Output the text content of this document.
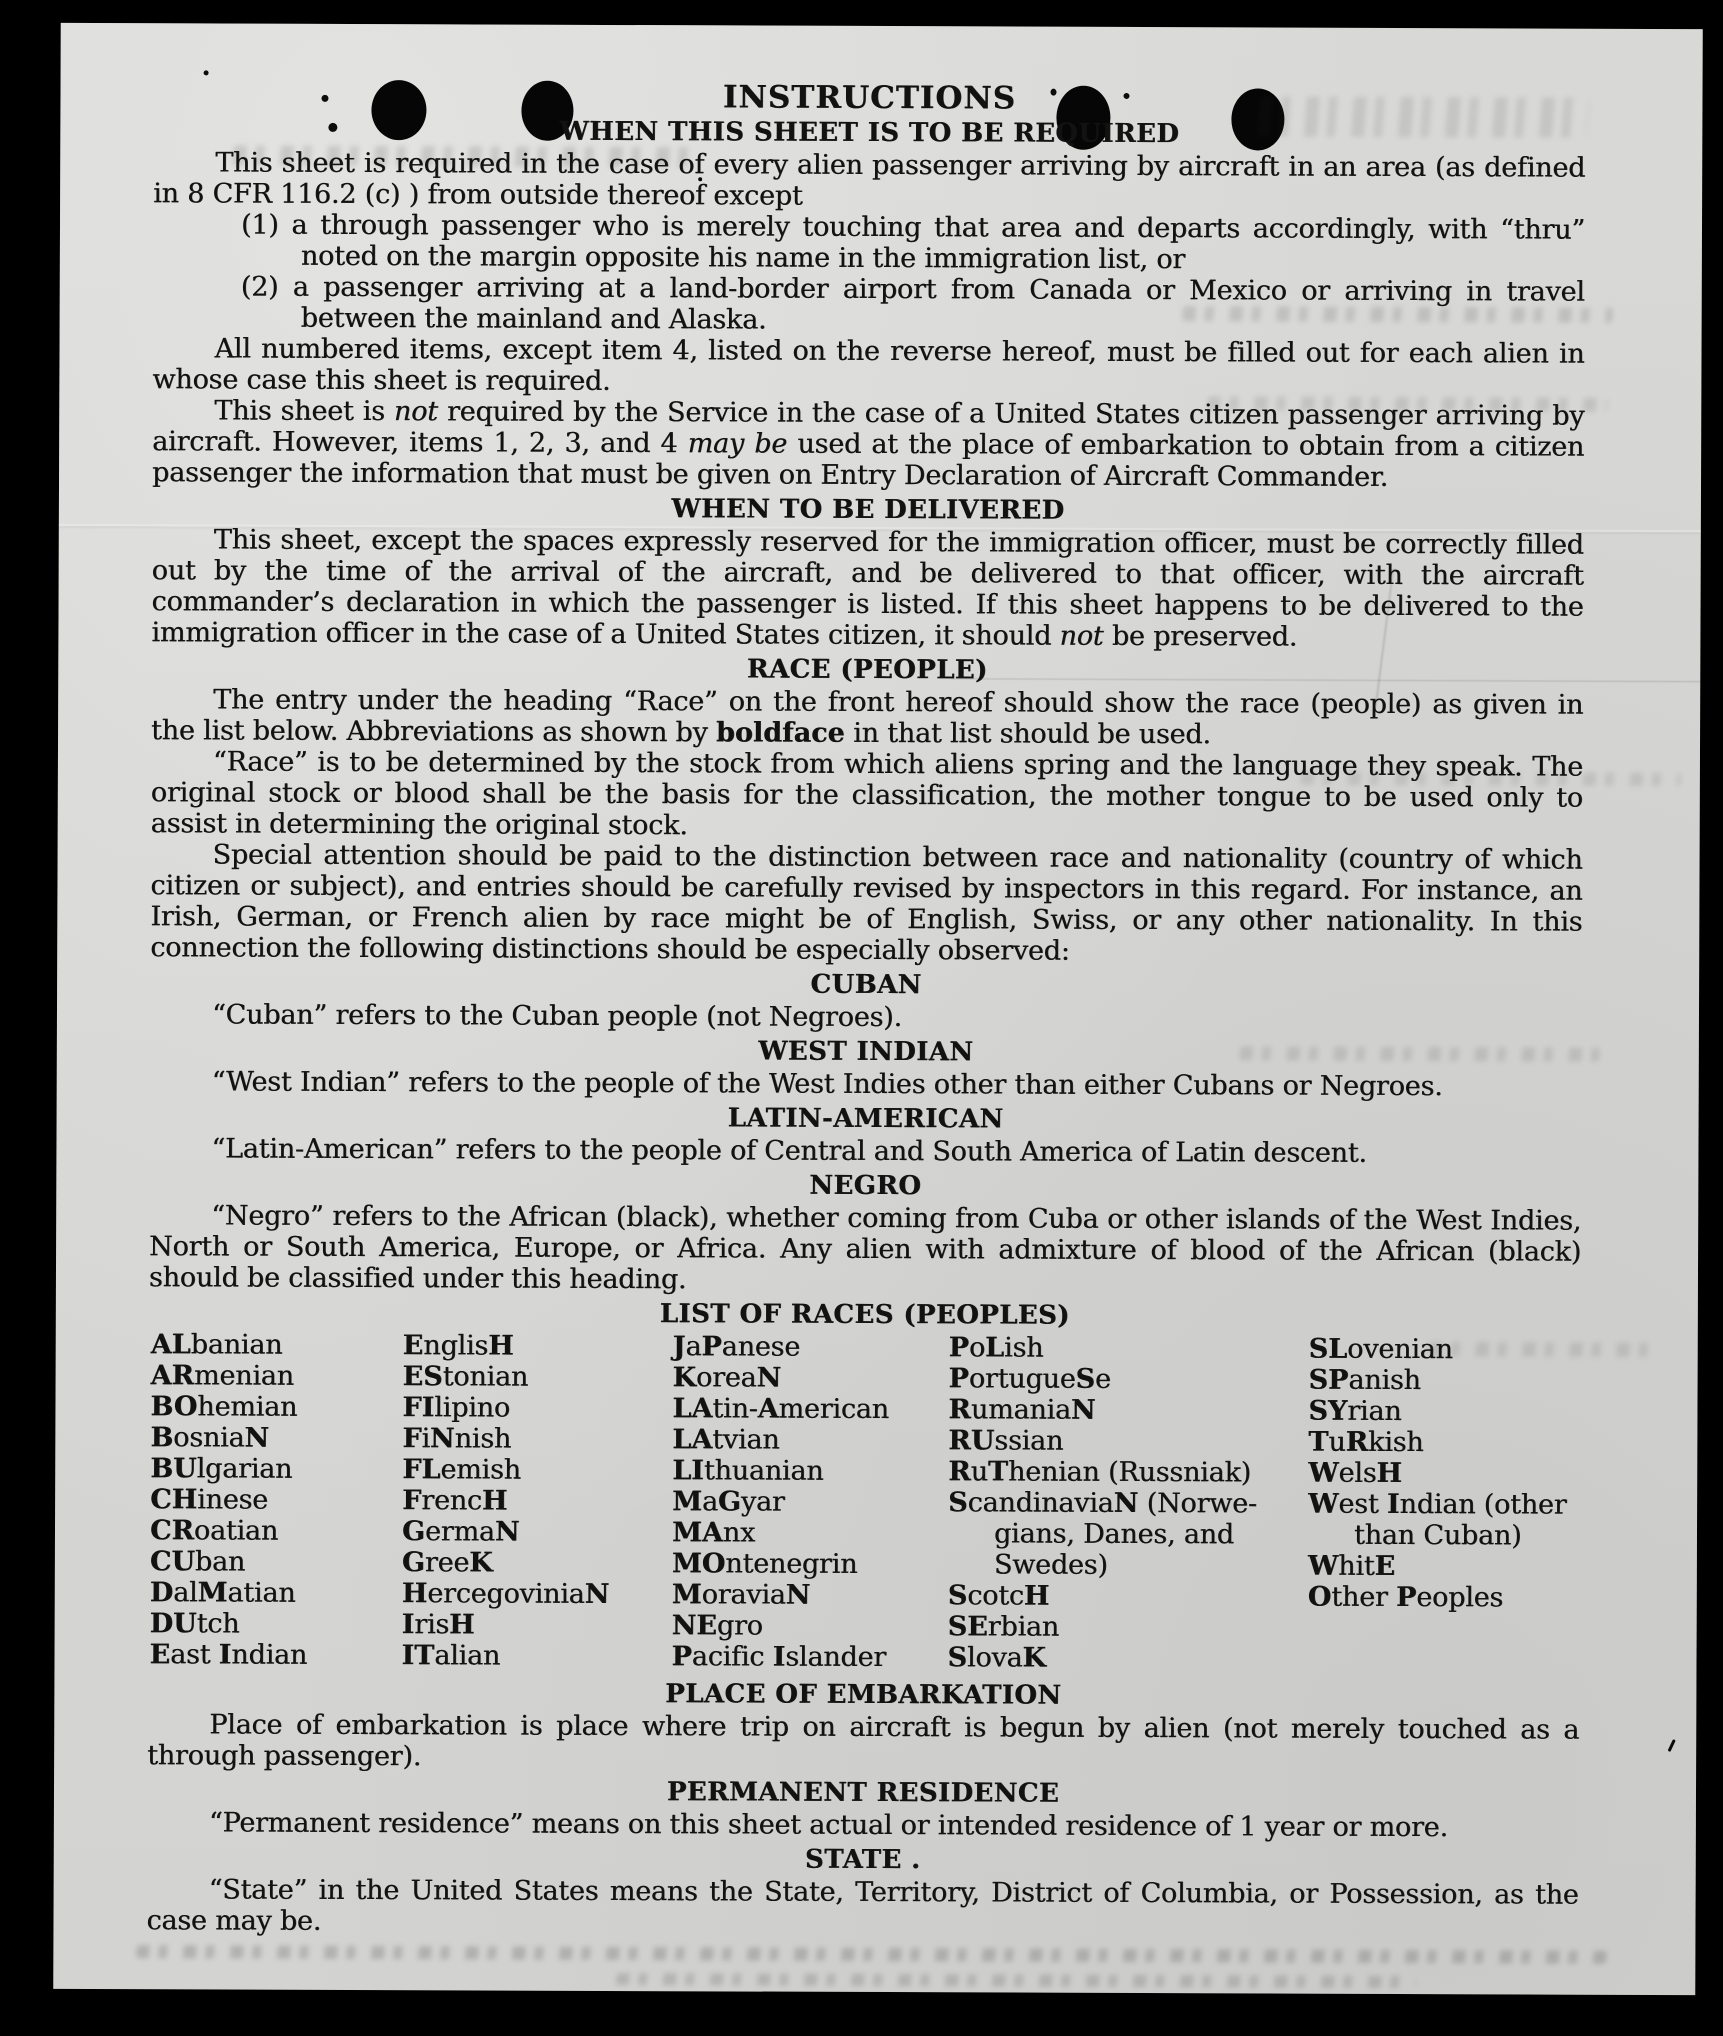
INSTRUCTIONS
WHEN THIS SHEET IS TO BE REQUIRED

This sheet is required in the case of every alien passenger arriving by aircraft in an area (as defined in 8 CFR 116.2 (c) ) from outside thereof except

(1) a through passenger who is merely touching that area and departs accordingly, with “thru” noted on the margin opposite his name in the immigration list, or

(2) a passenger arriving at a land-border airport from Canada or Mexico or arriving in travel between the mainland and Alaska.

All numbered items, except item 4, listed on the reverse hereof, must be filled out for each alien in whose case this sheet is required.

This sheet is not required by the Service in the case of a United States citizen passenger arriving by aircraft. However, items 1, 2, 3, and 4 may be used at the place of embarkation to obtain from a citizen passenger the information that must be given on Entry Declaration of Aircraft Commander.

WHEN TO BE DELIVERED

This sheet, except the spaces expressly reserved for the immigration officer, must be correctly filled out by the time of the arrival of the aircraft, and be delivered to that officer, with the aircraft commander’s declaration in which the passenger is listed. If this sheet happens to be delivered to the immigration officer in the case of a United States citizen, it should not be preserved.

RACE (PEOPLE)

The entry under the heading “Race” on the front hereof should show the race (people) as given in the list below. Abbreviations as shown by boldface in that list should be used.

“Race” is to be determined by the stock from which aliens spring and the language they speak. The original stock or blood shall be the basis for the classification, the mother tongue to be used only to assist in determining the original stock.

Special attention should be paid to the distinction between race and nationality (country of which citizen or subject), and entries should be carefully revised by inspectors in this regard. For instance, an Irish, German, or French alien by race might be of English, Swiss, or any other nationality. In this connection the following distinctions should be especially observed:

CUBAN

“Cuban” refers to the Cuban people (not Negroes).

WEST INDIAN

“West Indian” refers to the people of the West Indies other than either Cubans or Negroes.

LATIN-AMERICAN

“Latin-American” refers to the people of Central and South America of Latin descent.

NEGRO

“Negro” refers to the African (black), whether coming from Cuba or other islands of the West Indies, North or South America, Europe, or Africa. Any alien with admixture of blood of the African (black) should be classified under this heading.

LIST OF RACES (PEOPLES)
ALbanian
ARmenian
BOhemian
BosniaN
BUlgarian
CHinese
CRoatian
CUban
DalMatian
DUtch
East Indian
EnglisH
EStonian
FIlipino
FiNnish
FLemish
FrencH
GermaN
GreeK
HercegoviniaN
IrisH
ITalian
JaPanese
KoreaN
LAtin-American
LAtvian
LIthuanian
MaGyar
MAnx
MOntenegrin
MoraviaN
NEgro
Pacific Islander
PoLish
PortugueSe
RumaniaN
RUssian
RuThenian (Russniak)
ScandinaviaN (Norwe-
gians, Danes, and
Swedes)
ScotcH
SErbian
SlovaK
SLovenian
SPanish
SYrian
TuRkish
WelsH
West Indian (other
than Cuban)
WhitE
Other Peoples
PLACE OF EMBARKATION

Place of embarkation is place where trip on aircraft is begun by alien (not merely touched as a through passenger).

PERMANENT RESIDENCE

“Permanent residence” means on this sheet actual or intended residence of 1 year or more.

STATE .

“State” in the United States means the State, Territory, District of Columbia, or Possession, as the case may be.
